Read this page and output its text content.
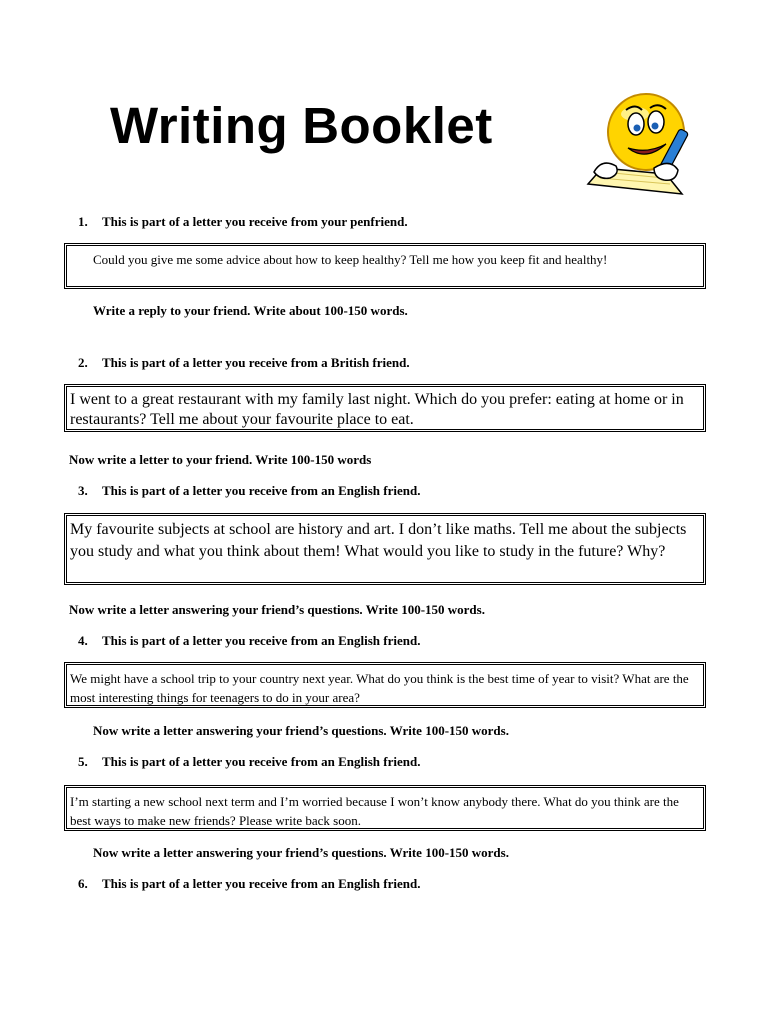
Writing Booklet
1. This is part of a letter you receive from your penfriend.
Could you give me some advice about how to keep healthy? Tell me how you keep fit and healthy!
Write a reply to your friend. Write about 100-150 words.
2. This is part of a letter you receive from a British friend.
I went to a great restaurant with my family last night. Which do you prefer: eating at home or in restaurants? Tell me about your favourite place to eat.
Now write a letter to your friend. Write 100-150 words
3. This is part of a letter you receive from an English friend.
My favourite subjects at school are history and art. I don’t like maths. Tell me about the subjects you study and what you think about them! What would you like to study in the future? Why?
Now write a letter answering your friend’s questions. Write 100-150 words.
4. This is part of a letter you receive from an English friend.
We might have a school trip to your country next year. What do you think is the best time of year to visit? What are the most interesting things for teenagers to do in your area?
Now write a letter answering your friend’s questions. Write 100-150 words.
5. This is part of a letter you receive from an English friend.
I’m starting a new school next term and I’m worried because I won’t know anybody there. What do you think are the best ways to make new friends? Please write back soon.
Now write a letter answering your friend’s questions. Write 100-150 words.
6. This is part of a letter you receive from an English friend.
